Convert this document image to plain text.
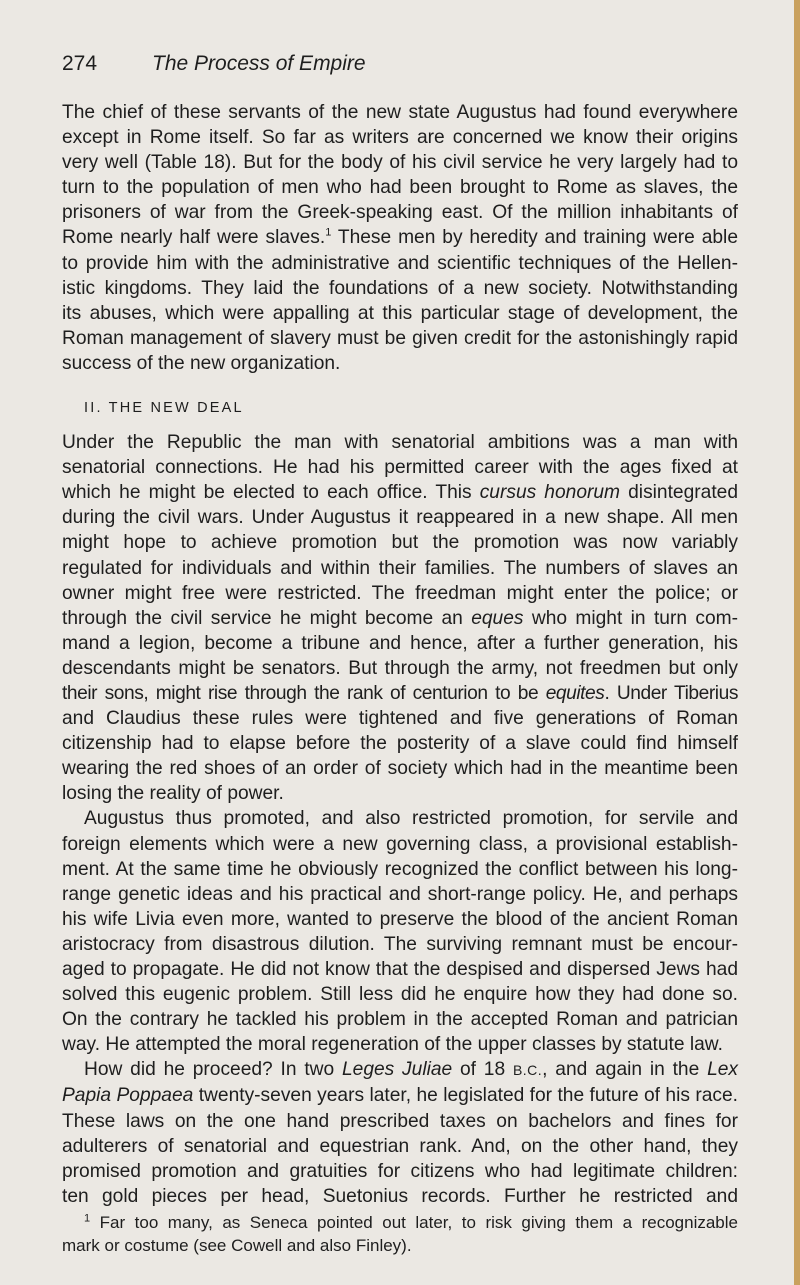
274	The Process of Empire
The chief of these servants of the new state Augustus had found everywhere
except in Rome itself. So far as writers are concerned we know their origins
very well (Table 18). But for the body of his civil service he very largely had to
turn to the population of men who had been brought to Rome as slaves, the
prisoners of war from the Greek-speaking east. Of the million inhabitants of
Rome nearly half were slaves.$^1$ These men by heredity and training were able
to provide him with the administrative and scientific techniques of the Hellen-
istic kingdoms. They laid the foundations of a new society. Notwithstanding
its abuses, which were appalling at this particular stage of development, the
Roman management of slavery must be given credit for the astonishingly rapid
success of the new organization.
II. THE NEW DEAL
Under the Republic the man with senatorial ambitions was a man with
senatorial connections. He had his permitted career with the ages fixed at
which he might be elected to each office. This cursus honorum disintegrated
during the civil wars. Under Augustus it reappeared in a new shape. All men
might hope to achieve promotion but the promotion was now variably
regulated for individuals and within their families. The numbers of slaves an
owner might free were restricted. The freedman might enter the police; or
through the civil service he might become an eques who might in turn com-
mand a legion, become a tribune and hence, after a further generation, his
descendants might be senators. But through the army, not freedmen but only
their sons, might rise through the rank of centurion to be equites. Under Tiberius
and Claudius these rules were tightened and five generations of Roman
citizenship had to elapse before the posterity of a slave could find himself
wearing the red shoes of an order of society which had in the meantime been
losing the reality of power.
Augustus thus promoted, and also restricted promotion, for servile and
foreign elements which were a new governing class, a provisional establish-
ment. At the same time he obviously recognized the conflict between his long-
range genetic ideas and his practical and short-range policy. He, and perhaps
his wife Livia even more, wanted to preserve the blood of the ancient Roman
aristocracy from disastrous dilution. The surviving remnant must be encour-
aged to propagate. He did not know that the despised and dispersed Jews had
solved this eugenic problem. Still less did he enquire how they had done so.
On the contrary he tackled his problem in the accepted Roman and patrician
way. He attempted the moral regeneration of the upper classes by statute law.
How did he proceed? In two Leges Juliae of 18 B.C., and again in the Lex
Papia Poppaea twenty-seven years later, he legislated for the future of his race.
These laws on the one hand prescribed taxes on bachelors and fines for
adulterers of senatorial and equestrian rank. And, on the other hand, they
promised promotion and gratuities for citizens who had legitimate children:
ten gold pieces per head, Suetonius records. Further he restricted and
$^1$ Far too many, as Seneca pointed out later, to risk giving them a recognizable
mark or costume (see Cowell and also Finley).
